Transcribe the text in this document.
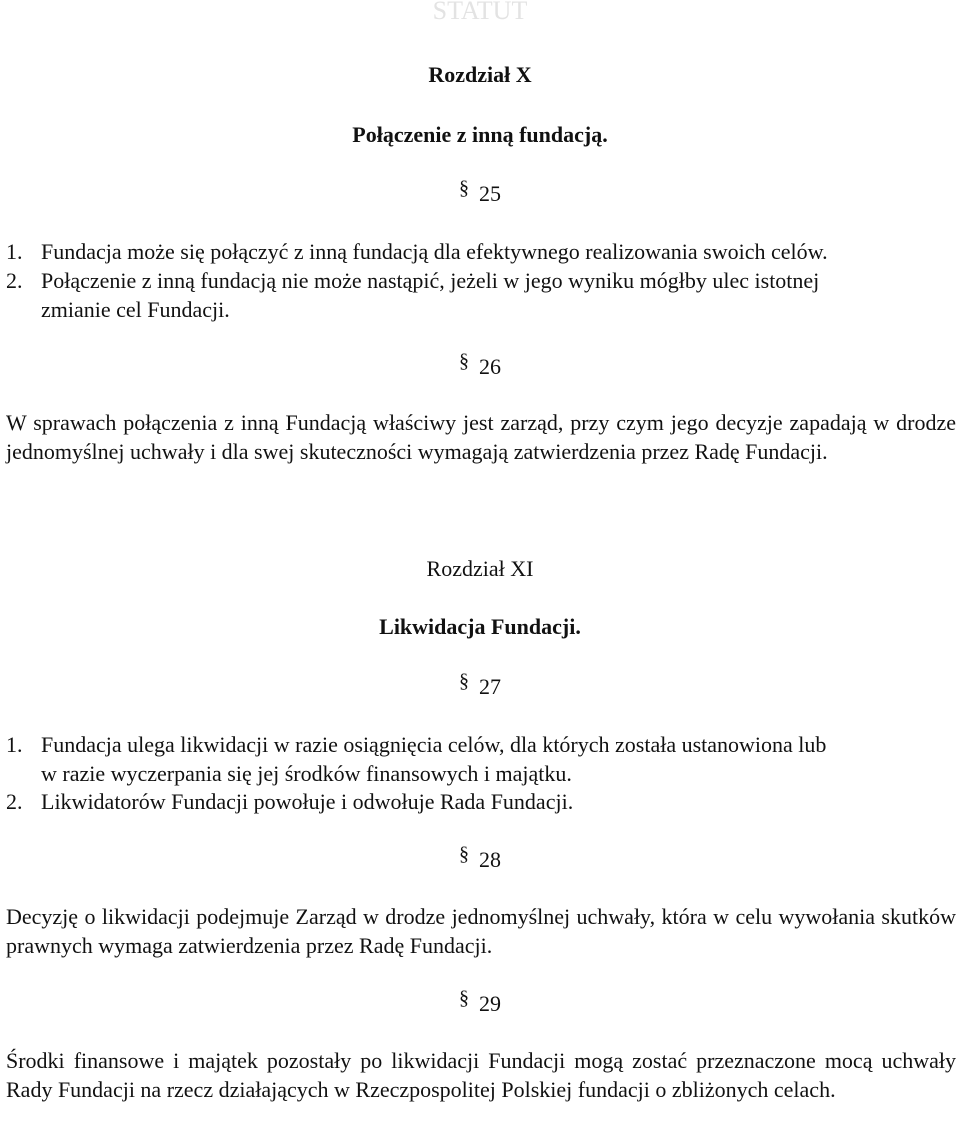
STATUT
Rozdział X
Połączenie z inną fundacją.
§ 25
1. Fundacja może się połączyć z inną fundacją dla efektywnego realizowania swoich celów.
2. Połączenie z inną fundacją nie może nastąpić, jeżeli w jego wyniku mógłby ulec istotnej
zmianie cel Fundacji.
§ 26
W sprawach połączenia z inną Fundacją właściwy jest zarząd, przy czym jego decyzje zapadają w drodze jednomyślnej uchwały i dla swej skuteczności wymagają zatwierdzenia przez Radę Fundacji.
Rozdział XI
Likwidacja Fundacji.
§ 27
1. Fundacja ulega likwidacji w razie osiągnięcia celów, dla których została ustanowiona lub
w razie wyczerpania się jej środków finansowych i majątku.
2. Likwidatorów Fundacji powołuje i odwołuje Rada Fundacji.
§ 28
Decyzję o likwidacji podejmuje Zarząd w drodze jednomyślnej uchwały, która w celu wywołania skutków prawnych wymaga zatwierdzenia przez Radę Fundacji.
§ 29
Środki finansowe i majątek pozostały po likwidacji Fundacji mogą zostać przeznaczone mocą uchwały Rady Fundacji na rzecz działających w Rzeczpospolitej Polskiej fundacji o zbliżonych celach.
